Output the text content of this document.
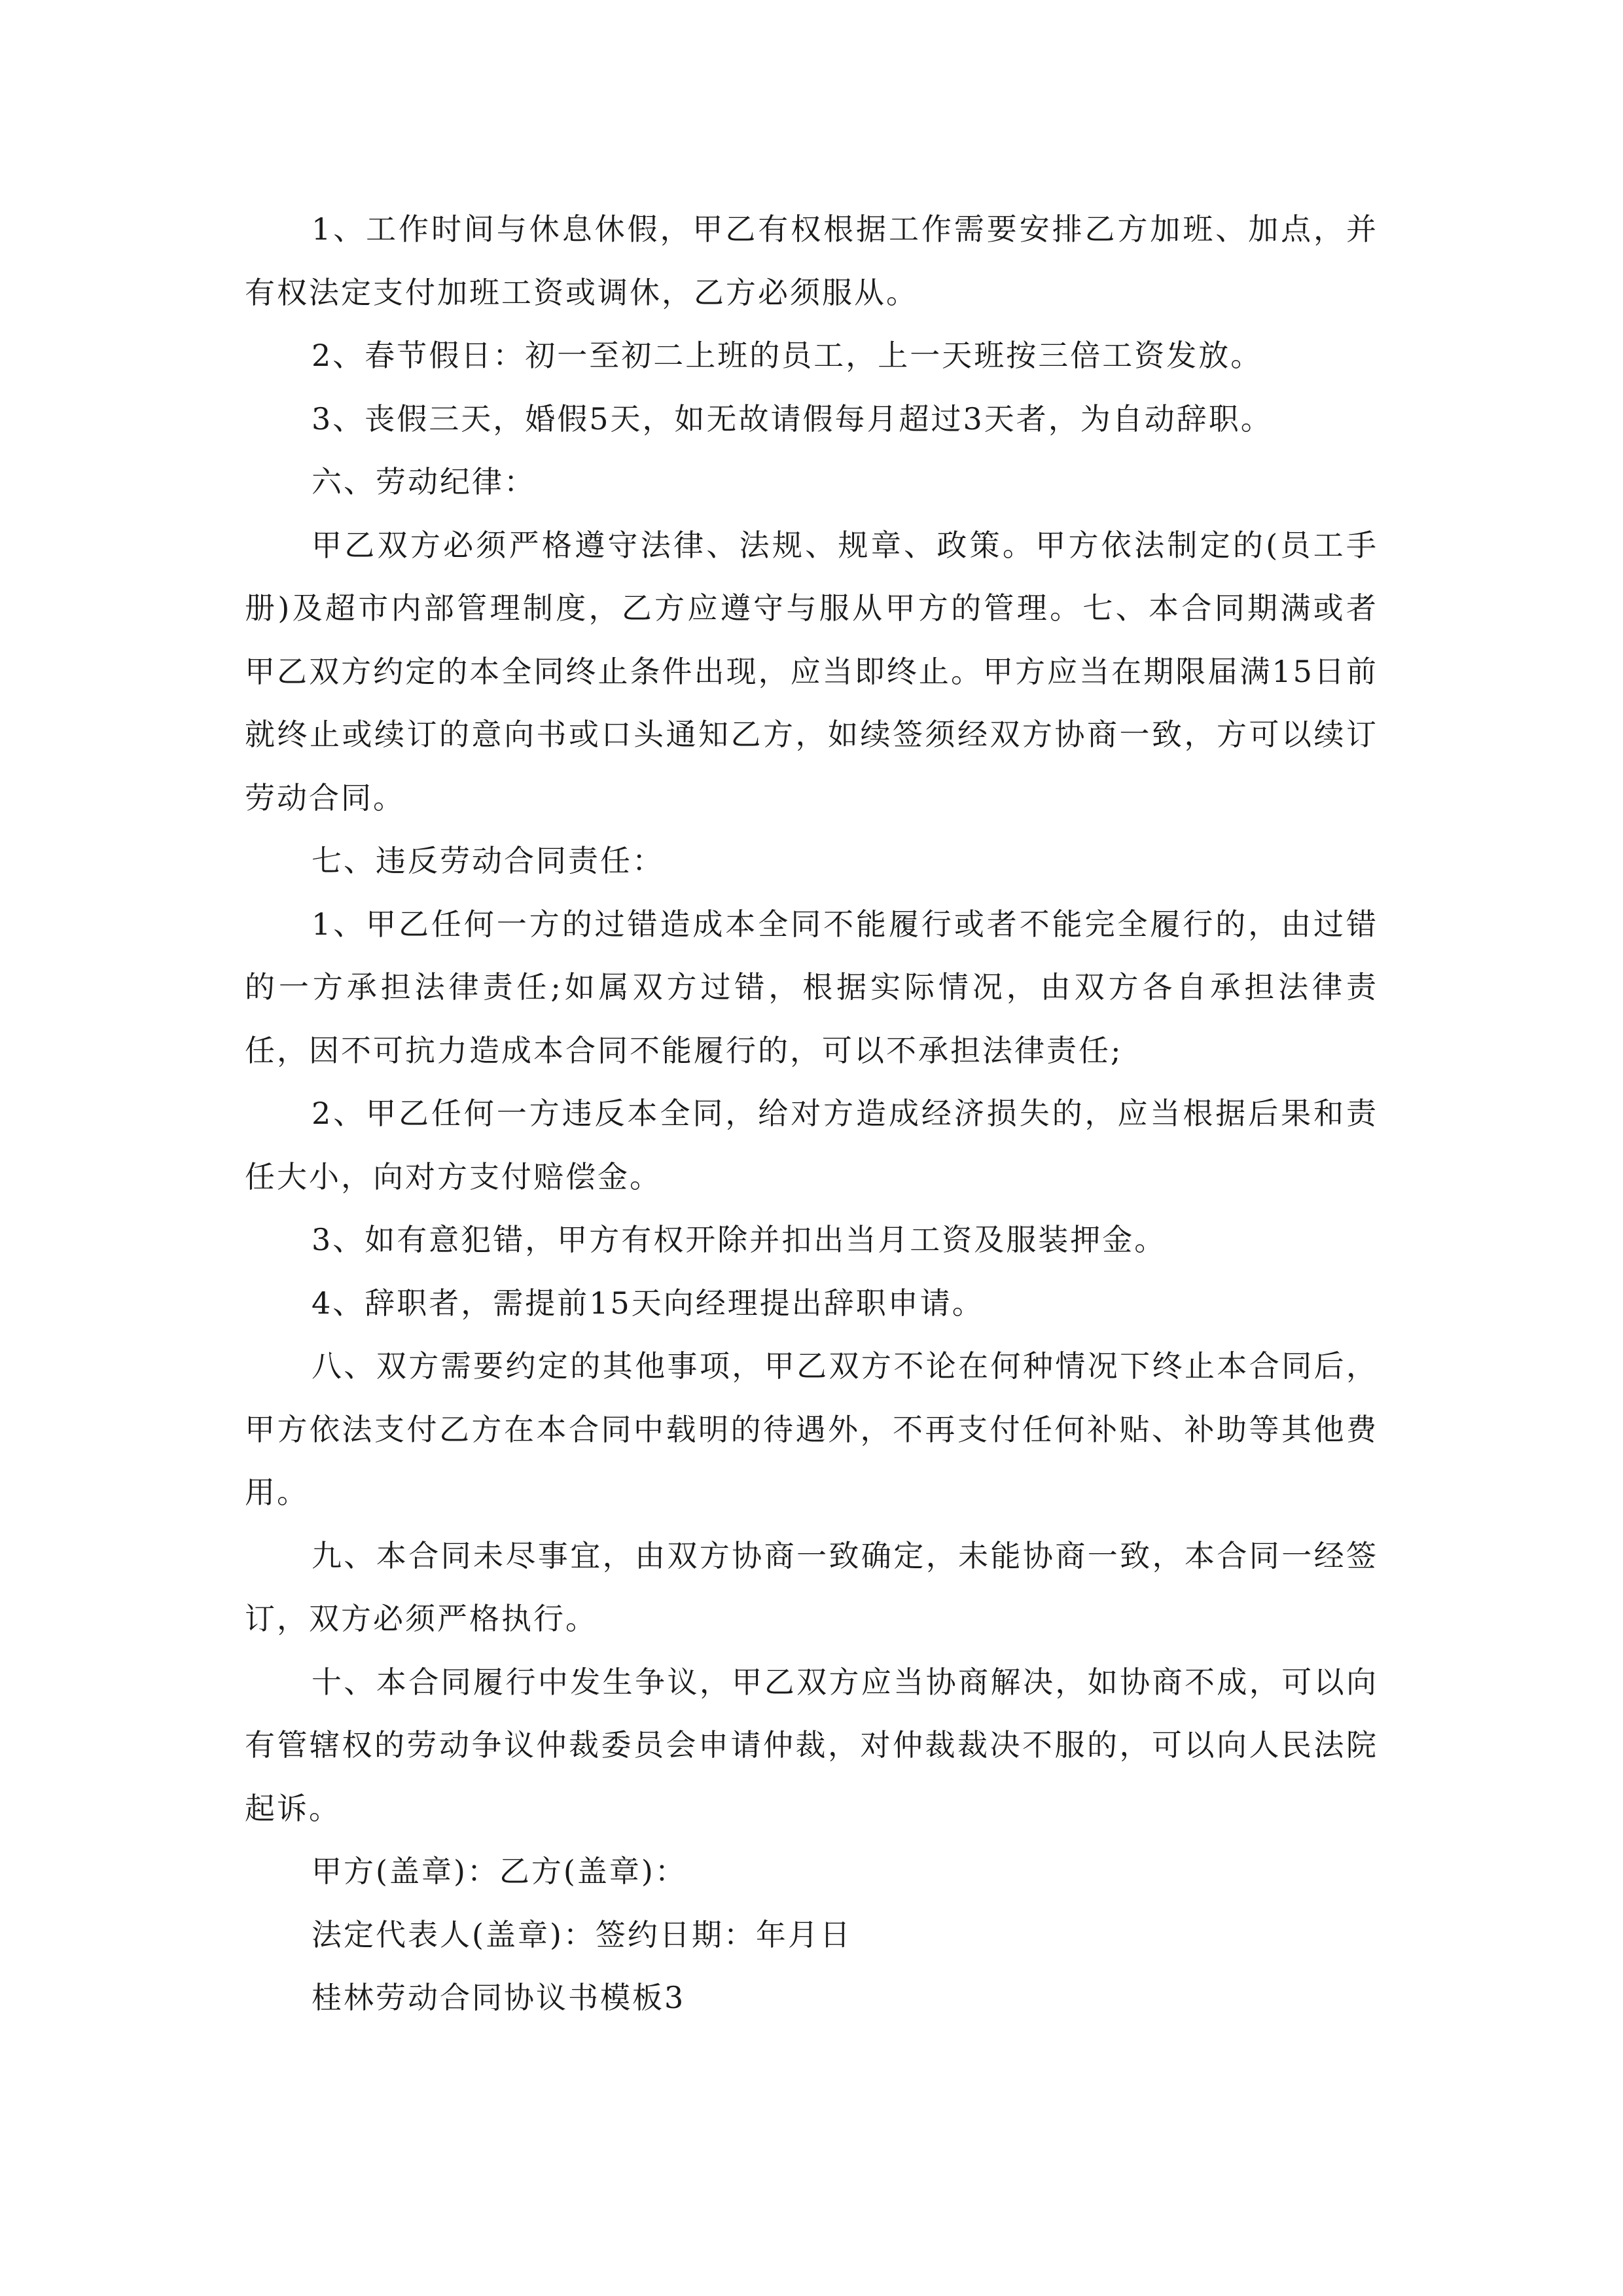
1、工作时间与休息休假，甲乙有权根据工作需要安排乙方加班、加点，并有权法定支付加班工资或调休，乙方必须服从。

2、春节假日：初一至初二上班的员工，上一天班按三倍工资发放。

3、丧假三天，婚假5天，如无故请假每月超过3天者，为自动辞职。

六、劳动纪律：

甲乙双方必须严格遵守法律、法规、规章、政策。甲方依法制定的(员工手册)及超市内部管理制度，乙方应遵守与服从甲方的管理。七、本合同期满或者甲乙双方约定的本全同终止条件出现，应当即终止。甲方应当在期限届满15日前就终止或续订的意向书或口头通知乙方，如续签须经双方协商一致，方可以续订劳动合同。

七、违反劳动合同责任：

1、甲乙任何一方的过错造成本全同不能履行或者不能完全履行的，由过错的一方承担法律责任;如属双方过错，根据实际情况，由双方各自承担法律责任，因不可抗力造成本合同不能履行的，可以不承担法律责任;

2、甲乙任何一方违反本全同，给对方造成经济损失的，应当根据后果和责任大小，向对方支付赔偿金。

3、如有意犯错，甲方有权开除并扣出当月工资及服装押金。

4、辞职者，需提前15天向经理提出辞职申请。

八、双方需要约定的其他事项，甲乙双方不论在何种情况下终止本合同后，甲方依法支付乙方在本合同中载明的待遇外，不再支付任何补贴、补助等其他费用。

九、本合同未尽事宜，由双方协商一致确定，未能协商一致，本合同一经签订，双方必须严格执行。

十、本合同履行中发生争议，甲乙双方应当协商解决，如协商不成，可以向有管辖权的劳动争议仲裁委员会申请仲裁，对仲裁裁决不服的，可以向人民法院起诉。

甲方(盖章)：乙方(盖章)：

法定代表人(盖章)：签约日期：年月日

桂林劳动合同协议书模板3
